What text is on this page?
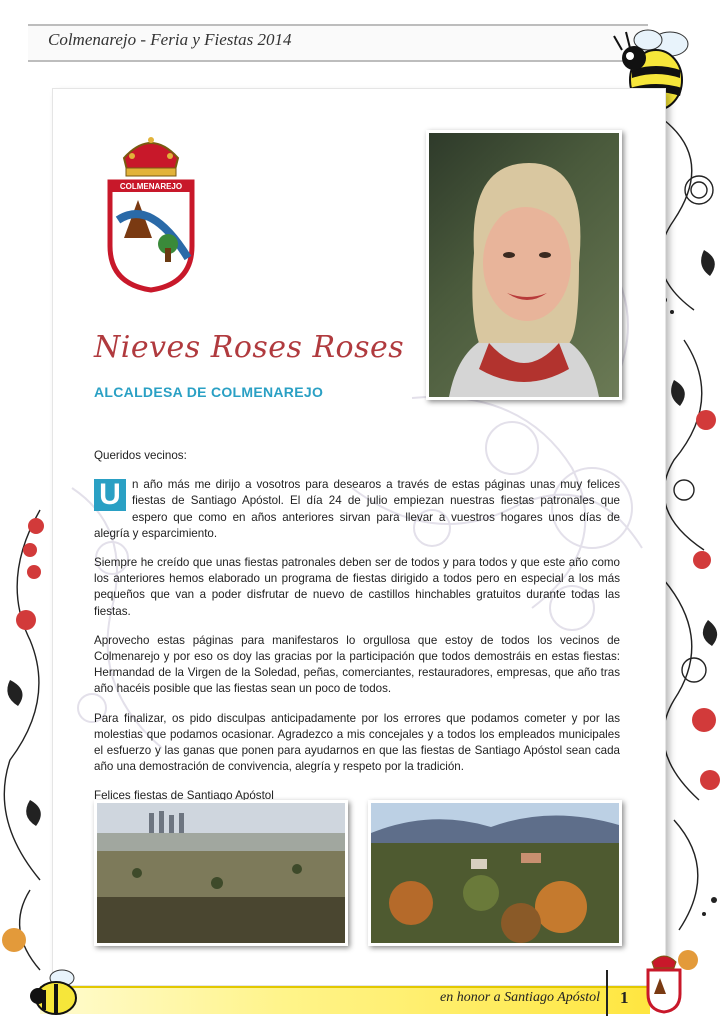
Colmenarejo - Feria y Fiestas 2014
COLMENAREJO
Nieves Roses Roses
ALCALDESA DE COLMENAREJO

Queridos vecinos:

U n año más me dirijo a vosotros para desearos a través de estas páginas unas muy felices fiestas de Santiago Apóstol. El día 24 de julio empiezan nuestras fiestas patronales que espero que como en años anteriores sirvan para llevar a vuestros hogares unos días de alegría y esparcimiento.

Siempre he creído que unas fiestas patronales deben ser de todos y para todos y que este año como los anteriores hemos elaborado un programa de fiestas dirigido a todos pero en especial a los más pequeños que van a poder disfrutar de nuevo de castillos hinchables gratuitos durante todas las fiestas.

Aprovecho estas páginas para manifestaros lo orgullosa que estoy de todos los vecinos de Colmenarejo y por eso os doy las gracias por la participación que todos demostráis en estas fiestas: Hermandad de la Virgen de la Soledad, peñas, comerciantes, restauradores, empresas, que año tras año hacéis posible que las fiestas sean un poco de todos.

Para finalizar, os pido disculpas anticipadamente por los errores que podamos cometer y por las molestias que podamos ocasionar. Agradezco a mis concejales y a todos los empleados municipales el esfuerzo y las ganas que ponen para ayudarnos en que las fiestas de Santiago Apóstol sean cada año una demostración de convivencia, alegría y respeto por la tradición.

Felices fiestas de Santiago Apóstol

en honor a Santiago Apóstol 1
